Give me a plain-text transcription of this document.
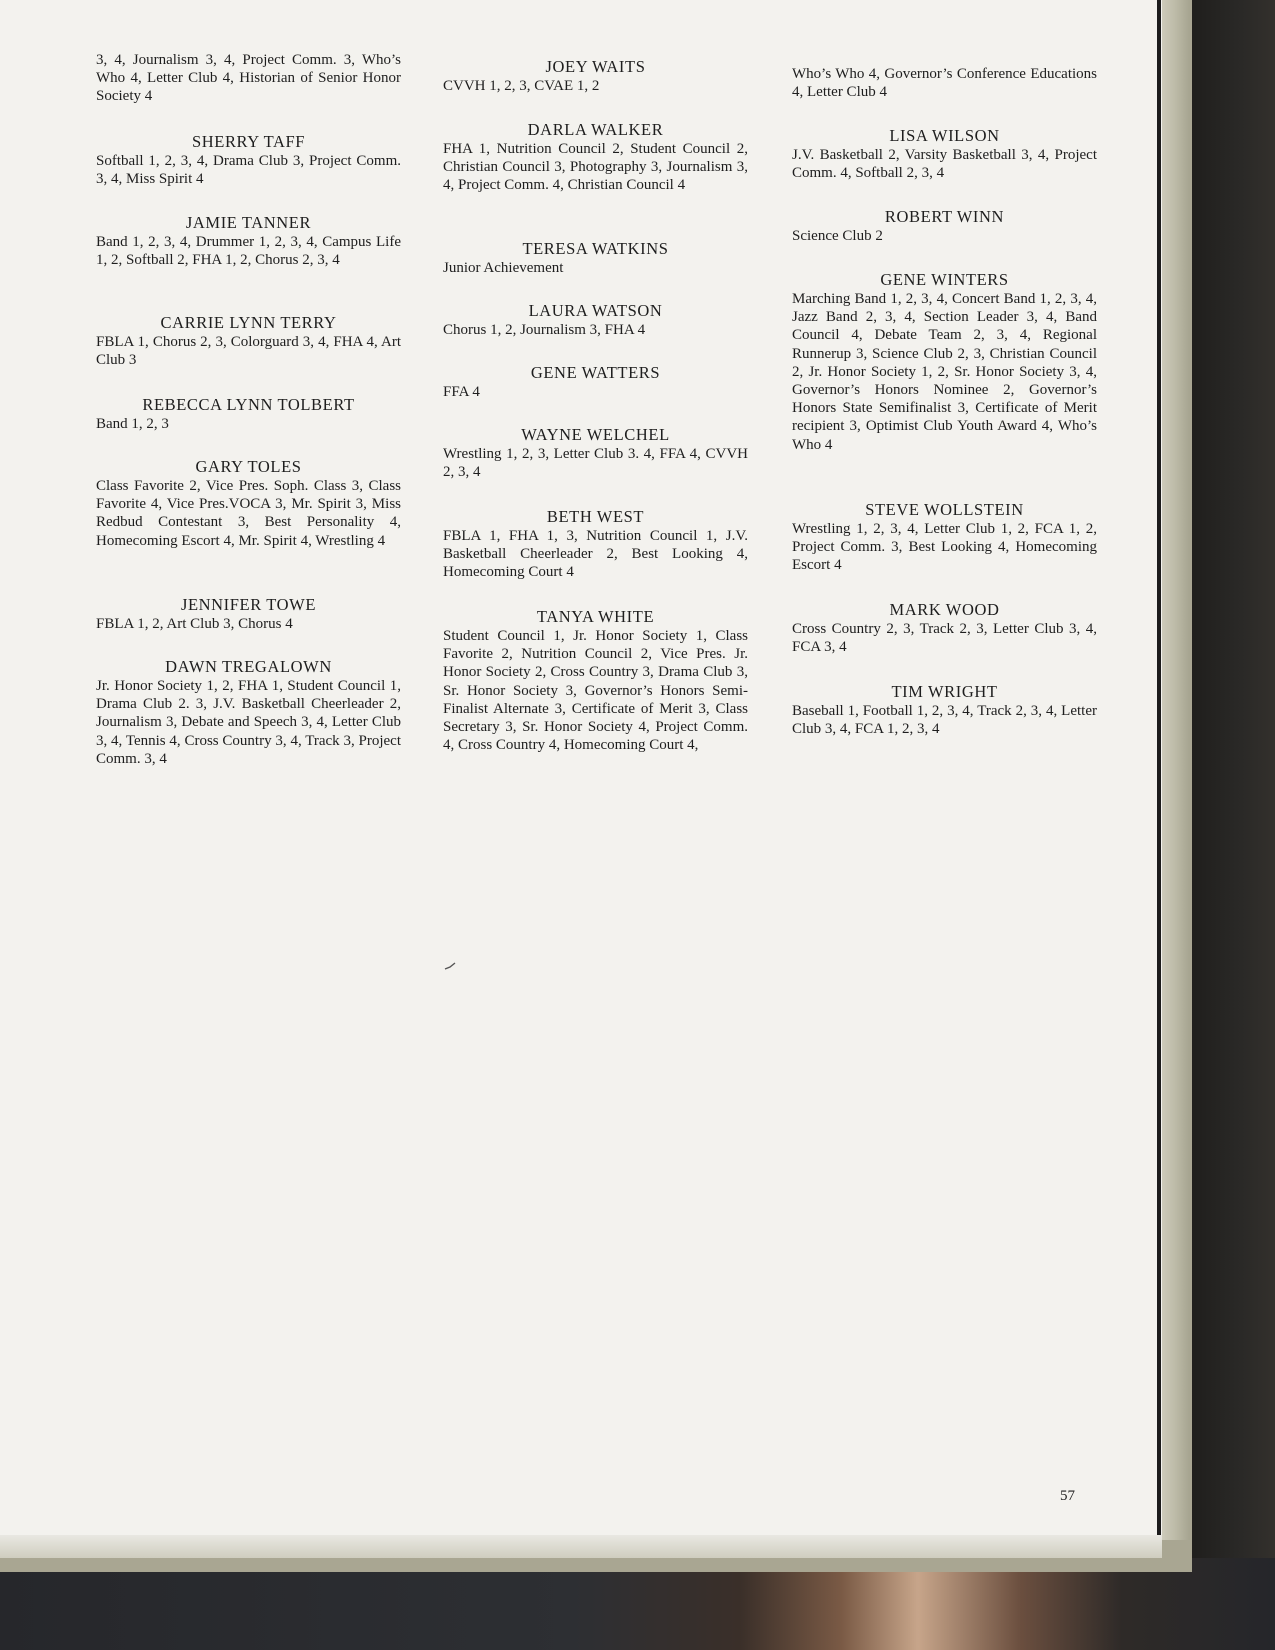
3, 4, Journalism 3, 4, Project Comm. 3, Who’s Who 4, Letter Club 4, Historian of Senior Honor Society 4
SHERRY TAFF
Softball 1, 2, 3, 4, Drama Club 3, Project Comm. 3, 4, Miss Spirit 4
JAMIE TANNER
Band 1, 2, 3, 4, Drummer 1, 2, 3, 4, Campus Life 1, 2, Softball 2, FHA 1, 2, Chorus 2, 3, 4
CARRIE LYNN TERRY
FBLA 1, Chorus 2, 3, Colorguard 3, 4, FHA 4, Art Club 3
REBECCA LYNN TOLBERT
Band 1, 2, 3
GARY TOLES
Class Favorite 2, Vice Pres. Soph. Class 3, Class Favorite 4, Vice Pres.VOCA 3, Mr. Spirit 3, Miss Redbud Contestant 3, Best Personality 4, Homecoming Escort 4, Mr. Spirit 4, Wrestling 4
JENNIFER TOWE
FBLA 1, 2, Art Club 3, Chorus 4
DAWN TREGALOWN
Jr. Honor Society 1, 2, FHA 1, Student Council 1, Drama Club 2. 3, J.V. Basketball Cheerleader 2, Journalism 3, Debate and Speech 3, 4, Letter Club 3, 4, Tennis 4, Cross Country 3, 4, Track 3, Project Comm. 3, 4
JOEY WAITS
CVVH 1, 2, 3, CVAE 1, 2
DARLA WALKER
FHA 1, Nutrition Council 2, Student Council 2, Christian Council 3, Photography 3, Journalism 3, 4, Project Comm. 4, Christian Council 4
TERESA WATKINS
Junior Achievement
LAURA WATSON
Chorus 1, 2, Journalism 3, FHA 4
GENE WATTERS
FFA 4
WAYNE WELCHEL
Wrestling 1, 2, 3, Letter Club 3. 4, FFA 4, CVVH 2, 3, 4
BETH WEST
FBLA 1, FHA 1, 3, Nutrition Council 1, J.V. Basketball Cheerleader 2, Best Looking 4, Homecoming Court 4
TANYA WHITE
Student Council 1, Jr. Honor Society 1, Class Favorite 2, Nutrition Council 2, Vice Pres. Jr. Honor Society 2, Cross Country 3, Drama Club 3, Sr. Honor Society 3, Governor’s Honors Semi-Finalist Alternate 3, Certificate of Merit 3, Class Secretary 3, Sr. Honor Society 4, Project Comm. 4, Cross Country 4, Homecoming Court 4,
Who’s Who 4, Governor’s Conference Educations 4, Letter Club 4
LISA WILSON
J.V. Basketball 2, Varsity Basketball 3, 4, Project Comm. 4, Softball 2, 3, 4
ROBERT WINN
Science Club 2
GENE WINTERS
Marching Band 1, 2, 3, 4, Concert Band 1, 2, 3, 4, Jazz Band 2, 3, 4, Section Leader 3, 4, Band Council 4, Debate Team 2, 3, 4, Regional Runnerup 3, Science Club 2, 3, Christian Council 2, Jr. Honor Society 1, 2, Sr. Honor Society 3, 4, Governor’s Honors Nominee 2, Governor’s Honors State Semifinalist 3, Certificate of Merit recipient 3, Optimist Club Youth Award 4, Who’s Who 4
STEVE WOLLSTEIN
Wrestling 1, 2, 3, 4, Letter Club 1, 2, FCA 1, 2, Project Comm. 3, Best Looking 4, Homecoming Escort 4
MARK WOOD
Cross Country 2, 3, Track 2, 3, Letter Club 3, 4, FCA 3, 4
TIM WRIGHT
Baseball 1, Football 1, 2, 3, 4, Track 2, 3, 4, Letter Club 3, 4, FCA 1, 2, 3, 4
57
